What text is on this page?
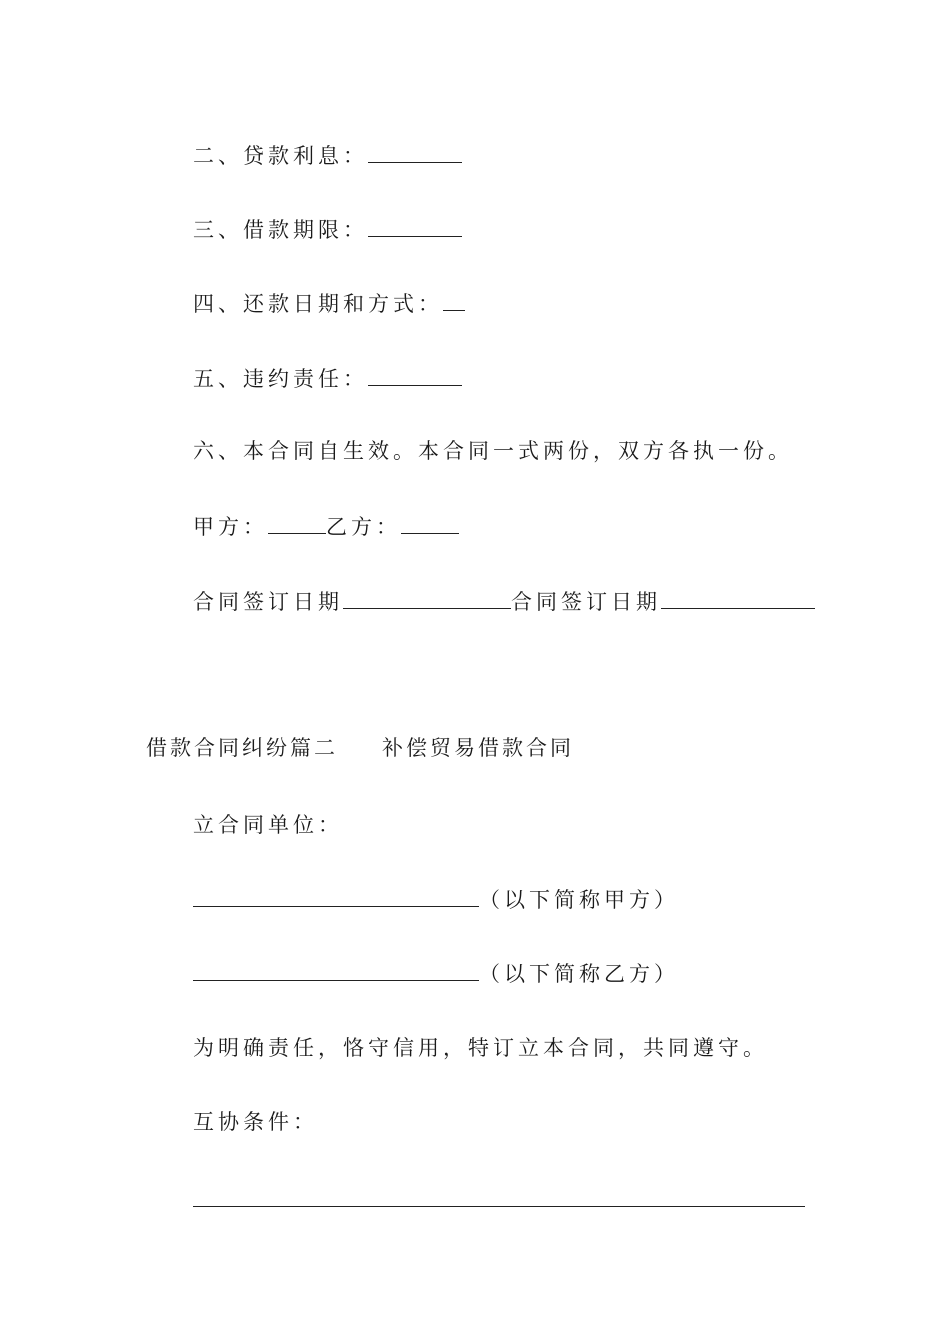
二、贷款利息：
三、借款期限：
四、还款日期和方式：
五、违约责任：
六、本合同自生效。本合同一式两份，双方各执一份。
甲方：	乙方：
合同签订日期	合同签订日期
借款合同纠纷篇二 补偿贸易借款合同
立合同单位：
（以下简称甲方）
（以下简称乙方）
为明确责任，恪守信用，特订立本合同，共同遵守。
互协条件：
